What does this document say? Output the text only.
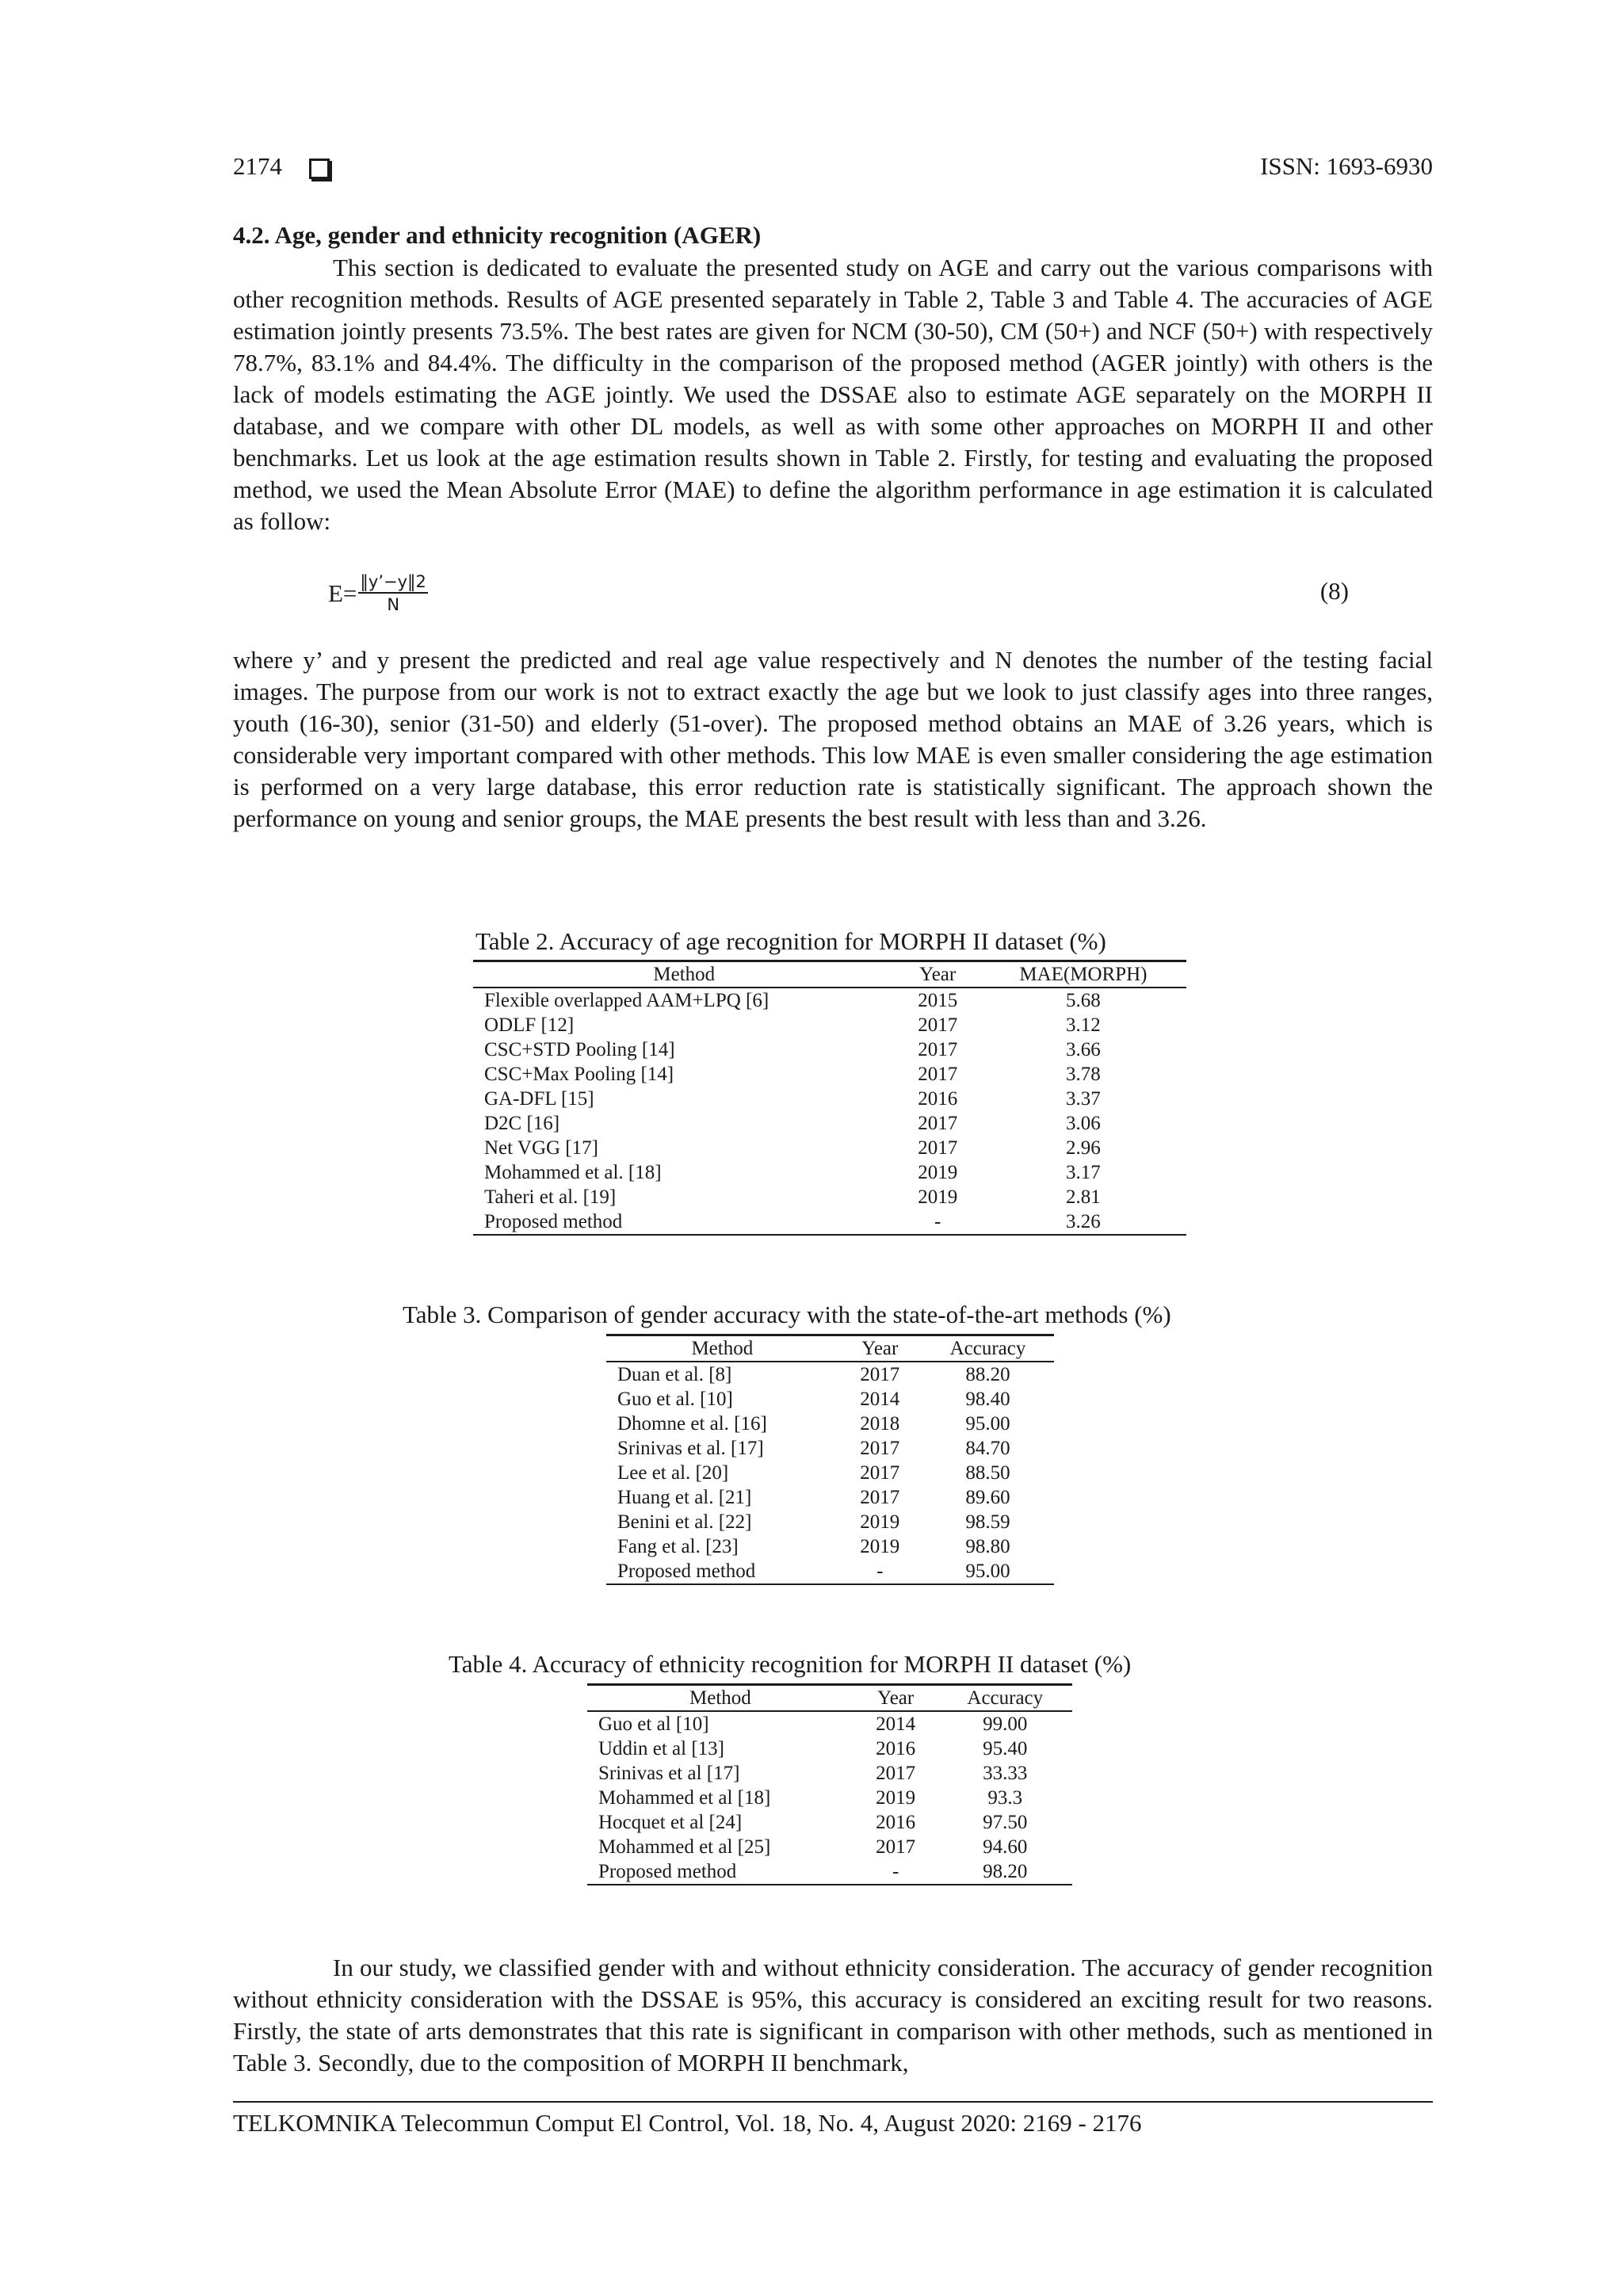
2174	ISSN: 1693-6930
4.2. Age, gender and ethnicity recognition (AGER)

This section is dedicated to evaluate the presented study on AGE and carry out the various comparisons with other recognition methods. Results of AGE presented separately in Table 2, Table 3 and Table 4. The accuracies of AGE estimation jointly presents 73.5%. The best rates are given for NCM (30-50), CM (50+) and NCF (50+) with respectively 78.7%, 83.1% and 84.4%. The difficulty in the comparison of the proposed method (AGER jointly) with others is the lack of models estimating the AGE jointly. We used the DSSAE also to estimate AGE separately on the MORPH II database, and we compare with other DL models, as well as with some other approaches on MORPH II and other benchmarks. Let us look at the age estimation results shown in Table 2. Firstly, for testing and evaluating the proposed method, we used the Mean Absolute Error (MAE) to define the algorithm performance in age estimation it is calculated as follow:

$E= \frac{‖y’-y‖2}{N}$	(8)

where y’ and y present the predicted and real age value respectively and N denotes the number of the testing facial images. The purpose from our work is not to extract exactly the age but we look to just classify ages into three ranges, youth (16-30), senior (31-50) and elderly (51-over). The proposed method obtains an MAE of 3.26 years, which is considerable very important compared with other methods. This low MAE is even smaller considering the age estimation is performed on a very large database, this error reduction rate is statistically significant. The approach shown the performance on young and senior groups, the MAE presents the best result with less than and 3.26.

Table 2. Accuracy of age recognition for MORPH II dataset (%)
Method	Year	MAE(MORPH)
Flexible overlapped AAM+LPQ [6]	2015	5.68
ODLF [12]	2017	3.12
CSC+STD Pooling [14]	2017	3.66
CSC+Max Pooling [14]	2017	3.78
GA-DFL [15]	2016	3.37
D2C [16]	2017	3.06
Net VGG [17]	2017	2.96
Mohammed et al. [18]	2019	3.17
Taheri et al. [19]	2019	2.81
Proposed method	-	3.26
Table 3. Comparison of gender accuracy with the state-of-the-art methods (%)
Method	Year	Accuracy
Duan et al. [8]	2017	88.20
Guo et al. [10]	2014	98.40
Dhomne et al. [16]	2018	95.00
Srinivas et al. [17]	2017	84.70
Lee et al. [20]	2017	88.50
Huang et al. [21]	2017	89.60
Benini et al. [22]	2019	98.59
Fang et al. [23]	2019	98.80
Proposed method	-	95.00
Table 4. Accuracy of ethnicity recognition for MORPH II dataset (%)
Method	Year	Accuracy
Guo et al [10]	2014	99.00
Uddin et al [13]	2016	95.40
Srinivas et al [17]	2017	33.33
Mohammed et al [18]	2019	93.3
Hocquet et al [24]	2016	97.50
Mohammed et al [25]	2017	94.60
Proposed method	-	98.20

In our study, we classified gender with and without ethnicity consideration. The accuracy of gender recognition without ethnicity consideration with the DSSAE is 95%, this accuracy is considered an exciting result for two reasons. Firstly, the state of arts demonstrates that this rate is significant in comparison with other methods, such as mentioned in Table 3. Secondly, due to the composition of MORPH II benchmark,

TELKOMNIKA Telecommun Comput El Control, Vol. 18, No. 4, August 2020: 2169 - 2176
